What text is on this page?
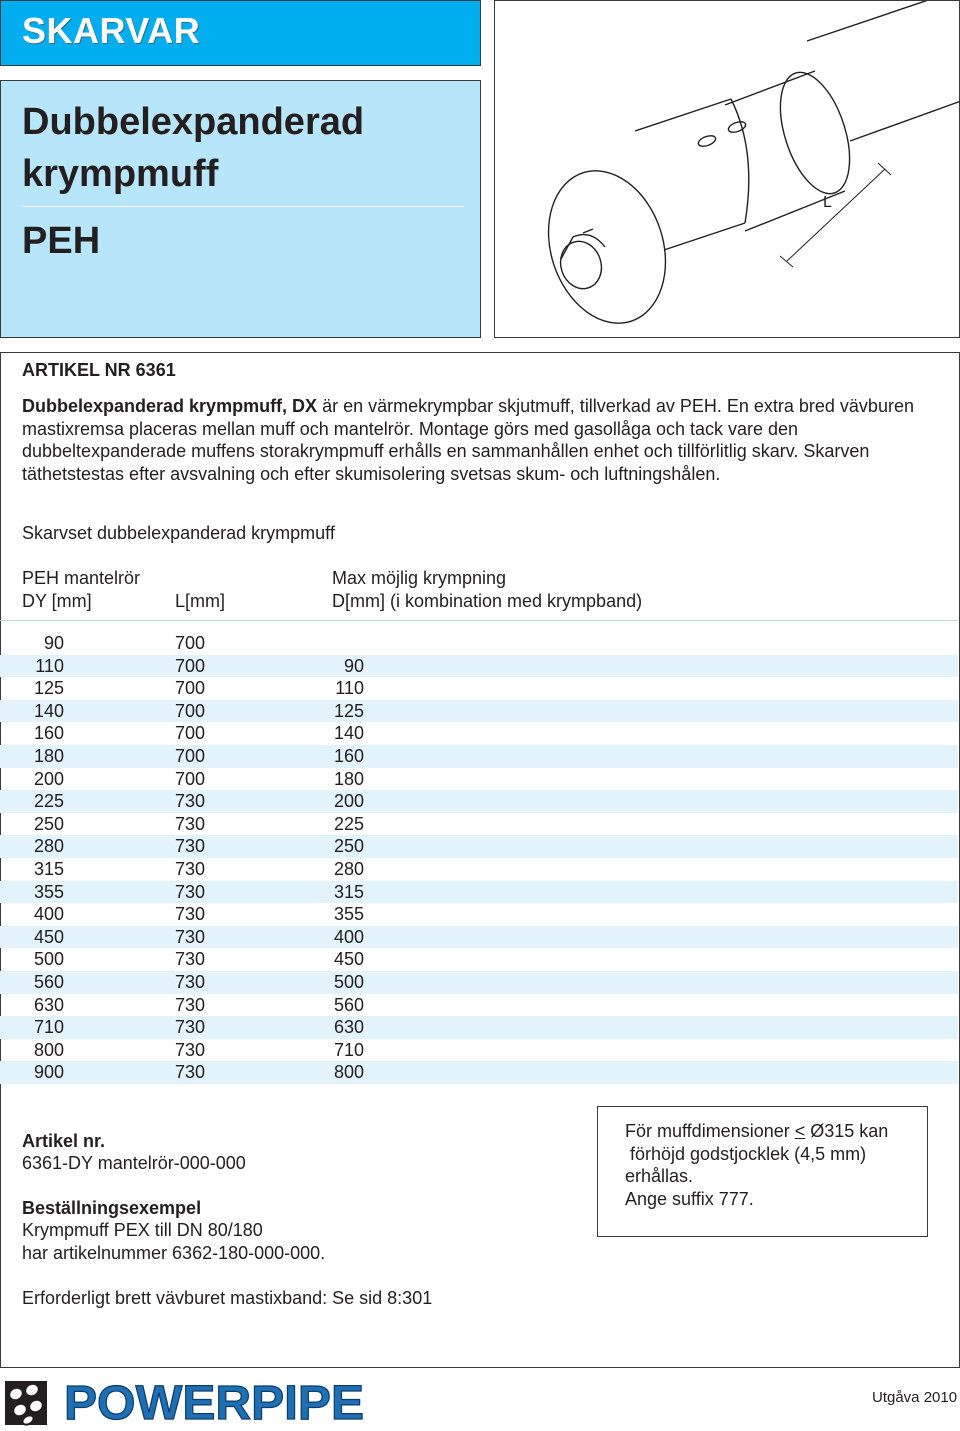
SKARVAR
Dubbelexpanderad krympmuff
PEH
L
ARTIKEL NR 6361
Dubbelexpanderad krympmuff, DX är en värmekrympbar skjutmuff, tillverkad av PEH. En extra bred vävburen mastixremsa placeras mellan muff och mantelrör. Montage görs med gasollåga och tack vare den dubbeltexpanderade muffens storakrympmuff erhålls en sammanhållen enhet och tillförlitlig skarv. Skarven täthetstestas efter avsvalning och efter skumisolering svetsas skum- och luftningshålen.
Skarvset dubbelexpanderad krympmuff
PEH mantelrör
DY [mm]	L[mm]
Max möjlig krympning
D[mm] (i kombination med krympband)
90	700
110	700	90
125	700	110
140	700	125
160	700	140
180	700	160
200	700	180
225	730	200
250	730	225
280	730	250
315	730	280
355	730	315
400	730	355
450	730	400
500	730	450
560	730	500
630	730	560
710	730	630
800	730	710
900	730	800
Artikel nr.
6361-DY mantelrör-000-000
Beställningsexempel
Krympmuff PEX till DN 80/180
har artikelnummer 6362-180-000-000.
Erforderligt brett vävburet mastixband: Se sid 8:301
För muffdimensioner < Ø315 kan
förhöjd godstjocklek (4,5 mm)
erhållas.
Ange suffix 777.
POWERPIPE	Utgåva 2010
